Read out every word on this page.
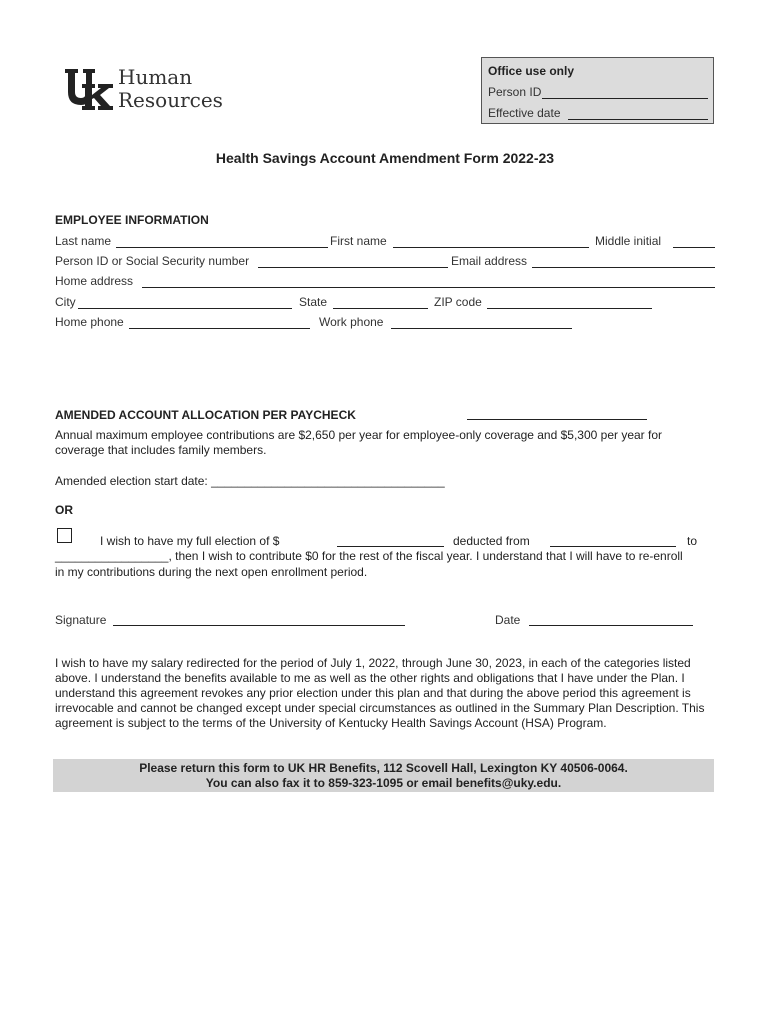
Human
Resources
Office use only
Person ID
Effective date
Health Savings Account Amendment Form 2022-23
EMPLOYEE INFORMATION
Last name	First name	Middle initial
Person ID or Social Security number	Email address
Home address
City	State	ZIP code
Home phone	Work phone
AMENDED ACCOUNT ALLOCATION PER PAYCHECK
Annual maximum employee contributions are $2,650 per year for employee-only coverage and $5,300 per year for coverage that includes family members.
Amended election start date: ___________________________________
OR
I wish to have my full election of $	deducted from	to
_________________, then I wish to contribute $0 for the rest of the fiscal year. I understand that I will have to re-enroll
in my contributions during the next open enrollment period.
Signature	Date
I wish to have my salary redirected for the period of July 1, 2022, through June 30, 2023, in each of the categories listed above. I understand the benefits available to me as well as the other rights and obligations that I have under the Plan. I understand this agreement revokes any prior election under this plan and that during the above period this agreement is irrevocable and cannot be changed except under special circumstances as outlined in the Summary Plan Description. This agreement is subject to the terms of the University of Kentucky Health Savings Account (HSA) Program.
Please return this form to UK HR Benefits, 112 Scovell Hall, Lexington KY 40506-0064.
You can also fax it to 859-323-1095 or email benefits@uky.edu.
